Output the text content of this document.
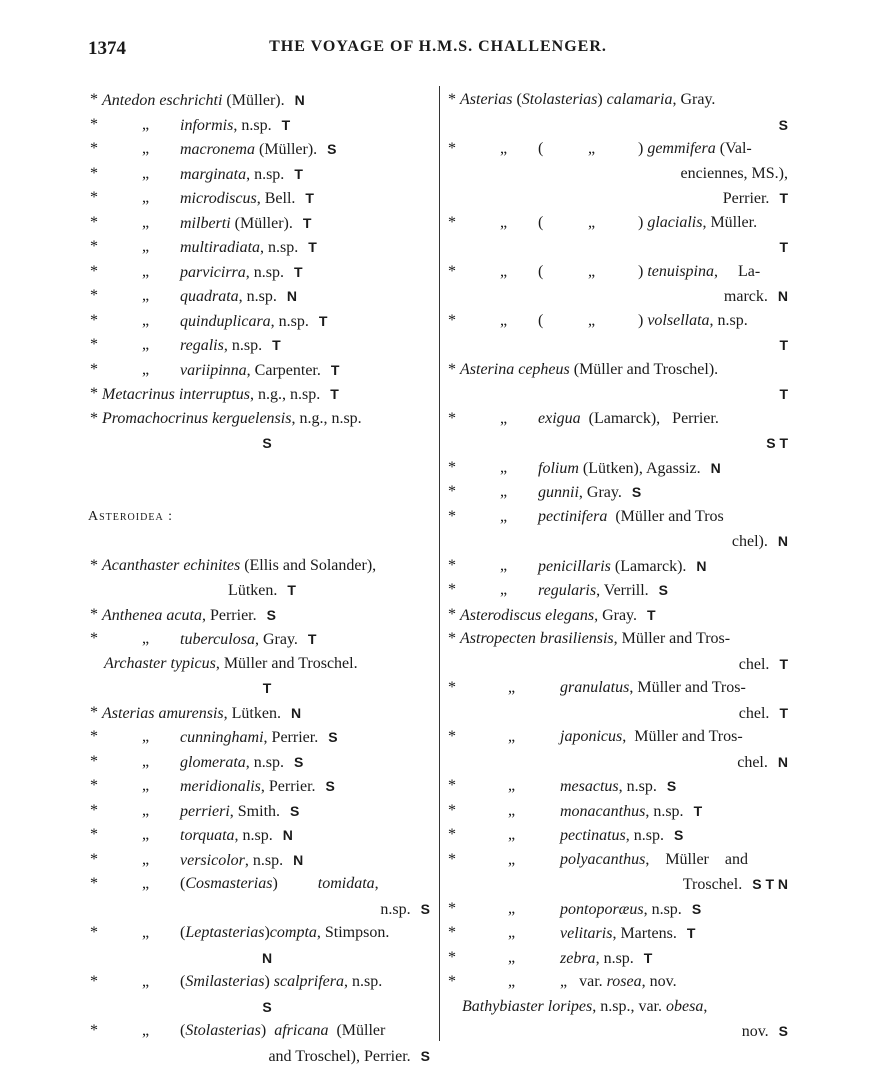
1374	THE VOYAGE OF H.M.S. CHALLENGER.
* Antedon eschrichti (Müller). N
*	„ informis, n.sp. T
*	„ macronema (Müller). S
*	„ marginata, n.sp. T
*	„ microdiscus, Bell. T
*	„ milberti (Müller). T
*	„ multiradiata, n.sp. T
*	„ parvicirra, n.sp. T
*	„ quadrata, n.sp. N
*	„ quinduplicara, n.sp. T
*	„ regalis, n.sp. T
*	„ variipinna, Carpenter. T
* Metacrinus interruptus, n.g., n.sp. T
* Promachocrinus kerguelensis, n.g., n.sp.
S
Asteroidea :
* Acanthaster echinites (Ellis and Solander),
Lütken. T
* Anthenea acuta, Perrier. S
*	„ tuberculosa, Gray. T
Archaster typicus, Müller and Troschel.
T
* Asterias amurensis, Lütken. N
*	„ cunninghami, Perrier. S
*	„ glomerata, n.sp. S
*	„ meridionalis, Perrier. S
*	„ perrieri, Smith. S
*	„ torquata, n.sp. N
*	„ versicolor, n.sp. N
*	„ (Cosmasterias)          tomidata,
n.sp. S
*	„ (Leptasterias)compta, Stimpson.
N
*	„ (Smilasterias) scalprifera, n.sp.
S
*	„ (Stolasterias)  africana  (Müller
and Troschel), Perrier. S
* Asterias (Stolasterias) calamaria, Gray.
S
*	„ (	„	) gemmifera (Val-
enciennes, MS.),
Perrier. T
*	„ (	„	) glacialis, Müller.
T
*	„ (	„	) tenuispina,     La-
marck. N
*	„ (	„	) volsellata, n.sp.
T
* Asterina cepheus (Müller and Troschel).
T
*	„ exigua  (Lamarck),   Perrier.
S T
*	„ folium (Lütken), Agassiz. N
*	„ gunnii, Gray. S
*	„ pectinifera  (Müller and Tros
chel). N
*	„ penicillaris (Lamarck). N
*	„ regularis, Verrill. S
* Asterodiscus elegans, Gray. T
* Astropecten brasiliensis, Müller and Tros-
chel. T
*	„	granulatus, Müller and Tros-
chel. T
*	„	japonicus,  Müller and Tros-
chel. N
*	„	mesactus, n.sp. S
*	„	monacanthus, n.sp. T
*	„	pectinatus, n.sp. S
*	„	polyacanthus,    Müller    and
Troschel. S T N
*	„	pontoporæus, n.sp. S
*	„	velitaris, Martens. T
*	„	zebra, n.sp. T
*	„	„   var. rosea, nov.
Bathybiaster loripes, n.sp., var. obesa,
nov. S
